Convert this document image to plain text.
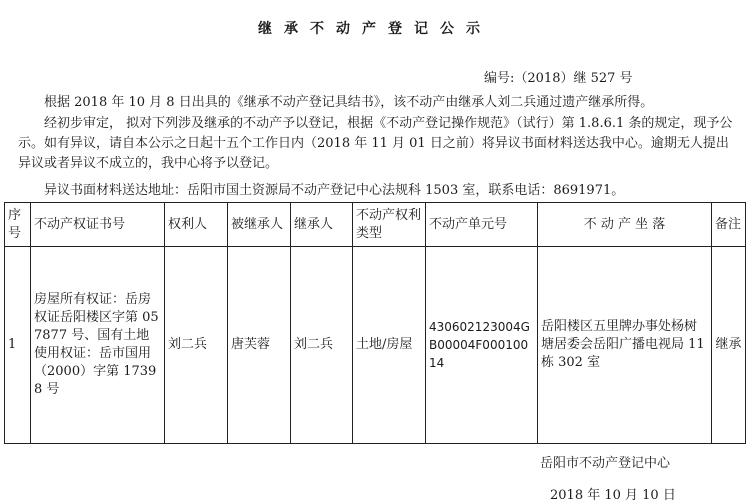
继承不动产登记公示
编号:（2018）继 527 号

根据 2018 年 10 月 8 日出具的《继承不动产登记具结书》，该不动产由继承人刘二兵通过遗产继承所得。

经初步审定， 拟对下列涉及继承的不动产予以登记，根据《不动产登记操作规范》（试行）第 1.8.6.1 条的规定，现予公示。如有异议，请自本公示之日起十五个工作日内（2018 年 11 月 01 日之前）将异议书面材料送达我中心。逾期无人提出异议或者异议不成立的，我中心将予以登记。

异议书面材料送达地址：岳阳市国土资源局不动产登记中心法规科 1503 室，联系电话：8691971。

序号	不动产权证书号	权利人	被继承人	继承人	不动产权利类型	不动产单元号	不 动 产 坐 落	备注
1	房屋所有权证：岳房权证岳阳楼区字第 057877 号、国有土地使用权证：岳市国用（2000）字第 17398 号	刘二兵	唐芙蓉	刘二兵	土地/房屋	430602123004GB00004F00010014	岳阳楼区五里牌办事处杨树塘居委会岳阳广播电视局 11 栋 302 室	继承
岳阳市不动产登记中心
2018 年 10 月 10 日
